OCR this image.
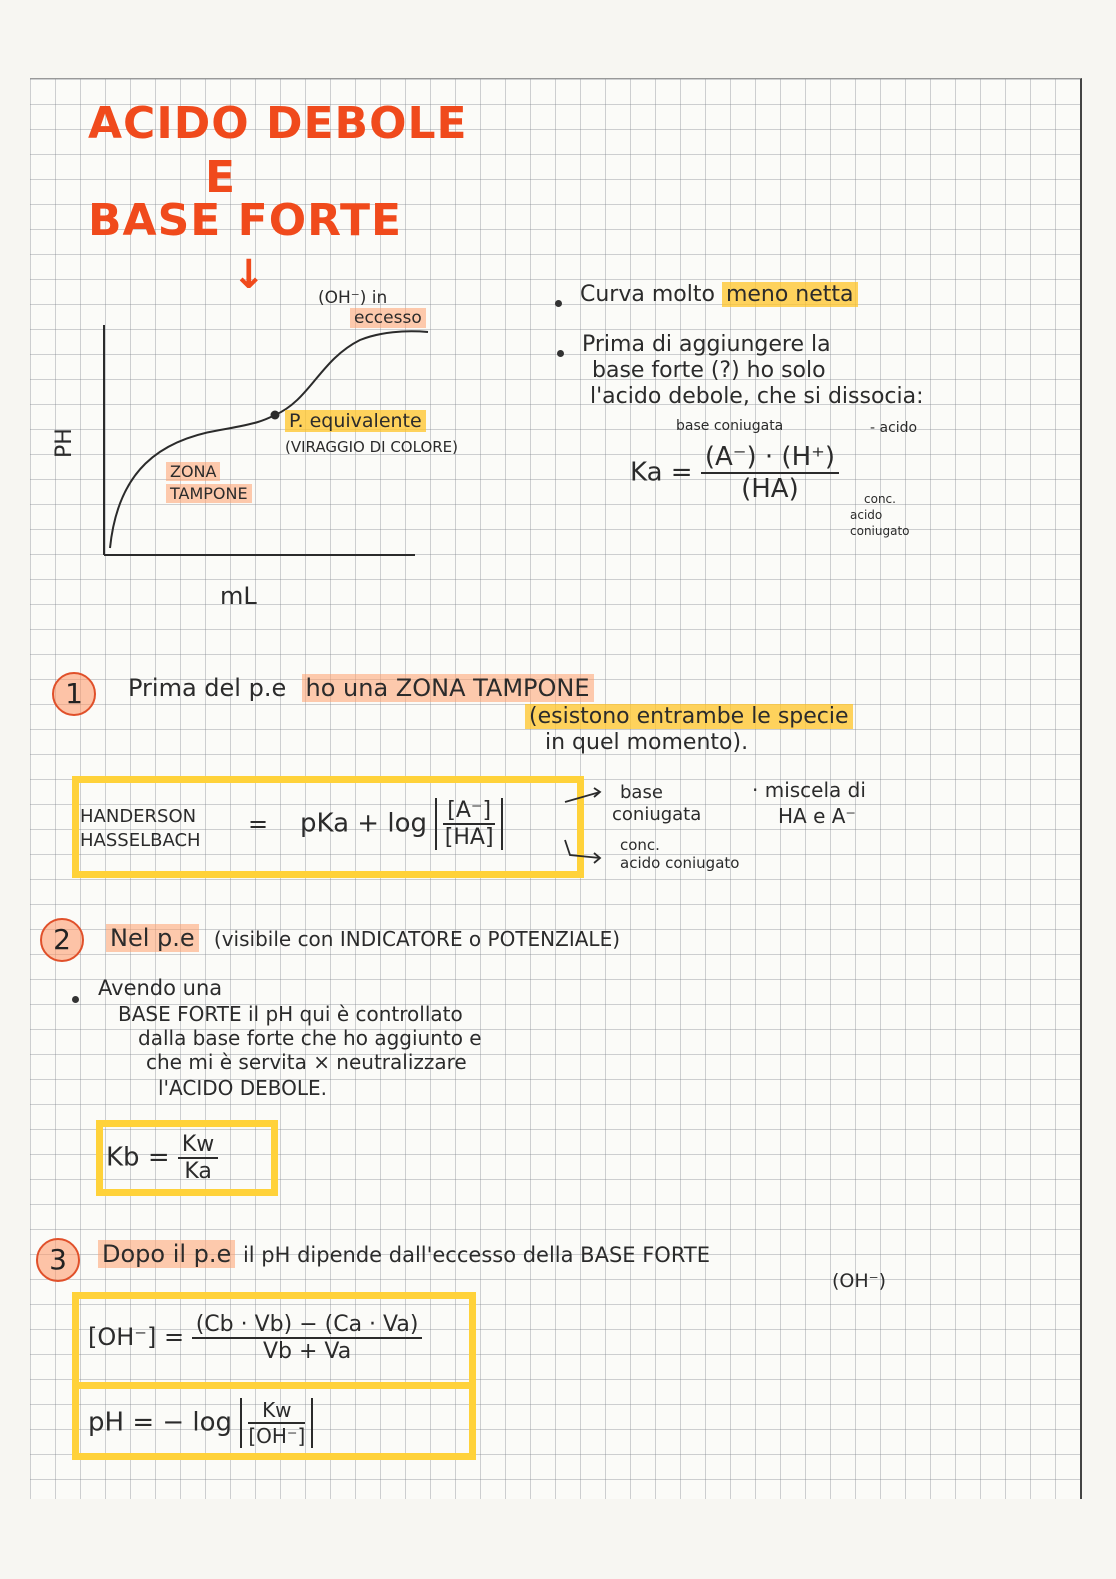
ACIDO DEBOLE
E
BASE FORTE
↓
PH
mL
(OH⁻) in
eccesso
P. equivalente
(VIRAGGIO DI COLORE)
ZONA
TAMPONE
Curva molto meno netta
Prima di aggiungere la
base forte (?) ho solo
l'acido debole, che si dissocia:
base coniugata	- acido
$Ka = \frac{(A^-) \cdot (H^+)}{(HA)}$ conc.
acido
coniugato
1	Prima del p.e ho una ZONA TAMPONE
(esistono entrambe le specie
in quel momento).
HANDERSON
HASSELBACH
= pKa + $\log \frac{[A^-]}{[HA]}$
base
coniugata
conc.
acido coniugato
· miscela di
HA e A⁻
2	Nel p.e (visibile con INDICATORE o POTENZIALE)
Avendo una
BASE FORTE il pH qui è controllato
dalla base forte che ho aggiunto e
che mi è servita × neutralizzare
l'ACIDO DEBOLE.
$Kb = \frac{Kw}{Ka}$
3	Dopo il p.e il pH dipende dall'eccesso della BASE FORTE
(OH⁻)
$[OH^-] = \frac{(Cb \cdot Vb) - (Ca \cdot Va)}{Vb + Va}$
pH = − $\log \frac{Kw}{[OH^-]}$
